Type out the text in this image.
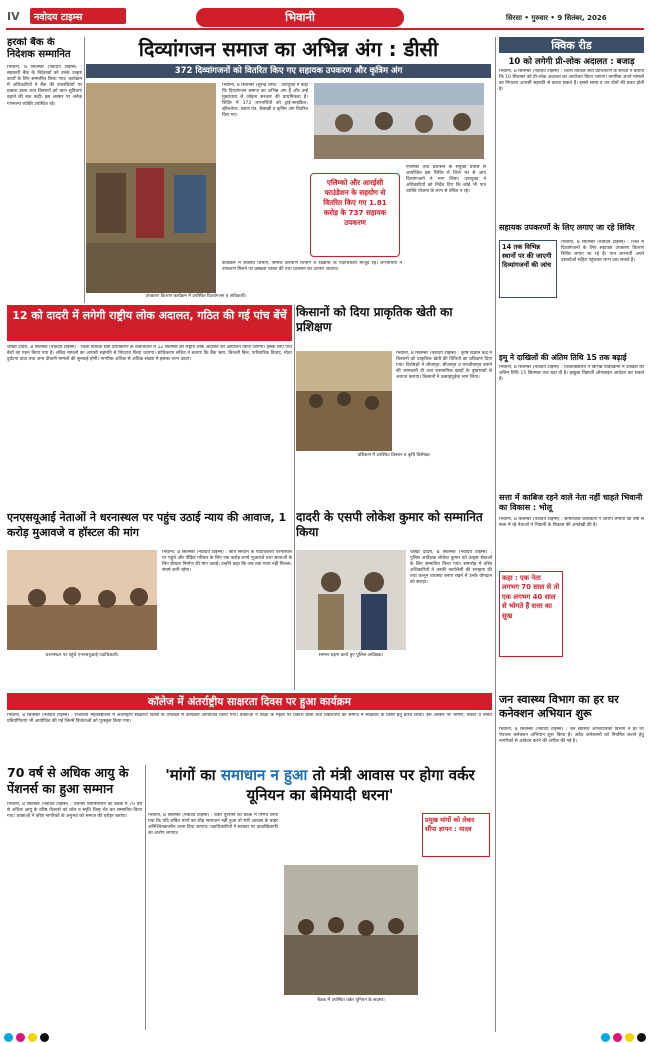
IV नवोदय टाइम्स	भिवानी	सिरसा • गुरुवार • 9 सितंबर, 2026
हरको बैंक के निदेशक सम्मानित
भिवानी, 8 सितम्बर (नवोदय टाइम्स) : सहकारी बैंक के निदेशकों को उनके उत्कृष्ट कार्यों के लिए सम्मानित किया गया। कार्यक्रम में अधिकारियों ने बैंक की उपलब्धियों पर प्रकाश डाला तथा किसानों को ऋण सुविधाएं बढ़ाने की बात कही। इस अवसर पर अनेक गणमान्य व्यक्ति उपस्थित रहे।
दिव्यांगजन समाज का अभिन्न अंग : डीसी
372 दिव्यांगजनों को वितरित किए गए सहायक उपकरण और कृत्रिम अंग
भिवानी, 8 सितम्बर (सुरेन्द्र शर्मा) : उपायुक्त ने कहा कि दिव्यांगजन समाज का अभिन्न अंग हैं और उन्हें मुख्यधारा से जोड़ना सरकार की प्राथमिकता है। शिविर में 372 लाभार्थियों को ट्राई-साइकिल, व्हीलचेयर, श्रवण यंत्र, बैसाखी व कृत्रिम अंग वितरित किए गए।
एलिम्को और आरईसी फाउंडेशन के सहयोग से वितरित किए गए 1.81 करोड़ के 737 सहायक उपकरण
एलिम्को तथा प्रशासन के संयुक्त प्रयास से आयोजित इस शिविर में जिले भर से आए दिव्यांगजनों ने भाग लिया। उपायुक्त ने अधिकारियों को निर्देश दिए कि कोई भी पात्र व्यक्ति योजना के लाभ से वंचित न रहे।
कार्यक्रम में स्वास्थ्य विभाग, समाज कल्याण विभाग व रेडक्रॉस के पदाधिकारी मौजूद रहे। लाभार्थियों ने उपकरण मिलने पर प्रसन्नता व्यक्त की तथा प्रशासन का आभार जताया।
उपकरण वितरण कार्यक्रम में उपस्थित दिव्यांगजन व अधिकारी।
12 को दादरी में लगेगी राष्ट्रीय लोक अदालत, गठित की गई पांच बेंचें
चरखी दादरी, 8 सितम्बर (नवोदय टाइम्स) : जिला विधिक सेवा प्राधिकरण के तत्वावधान में 12 सितम्बर को राष्ट्रीय लोक अदालत का आयोजन किया जाएगा। इसके लिए पांच बेंचों का गठन किया गया है। लंबित मामलों का आपसी सहमति से निपटारा किया जाएगा। प्राधिकरण सचिव ने बताया कि बैंक ऋण, बिजली बिल, पारिवारिक विवाद, मोटर दुर्घटना दावा तथा अन्य दीवानी मामलों की सुनवाई होगी। नागरिक अधिक से अधिक संख्या में इसका लाभ उठाएं।
किसानों को दिया प्राकृतिक खेती का प्रशिक्षण
प्रशिक्षण में उपस्थित किसान व कृषि विशेषज्ञ।
भिवानी, 8 सितम्बर (नवोदय टाइम्स) : कृषि विज्ञान केंद्र में किसानों को प्राकृतिक खेती की विधियों का प्रशिक्षण दिया गया। विशेषज्ञों ने जीवामृत, बीजामृत व घनजीवामृत बनाने की जानकारी दी तथा रासायनिक खादों के दुष्प्रभावों से अवगत कराया। किसानों ने उत्साहपूर्वक भाग लिया।
एनएसयूआई नेताओं ने धरनास्थल पर पहुंच उठाई न्याय की आवाज, 1 करोड़ मुआवजे व हॉस्टल की मांग
धरनास्थल पर पहुंचे एनएसयूआई पदाधिकारी।
भिवानी, 8 सितम्बर (नवोदय टाइम्स) : छात्र संगठन के पदाधिकारी धरनास्थल पर पहुंचे और पीड़ित परिवार के लिए एक करोड़ रुपये मुआवजे तथा छात्राओं के लिए हॉस्टल निर्माण की मांग उठाई। उन्होंने कहा कि जब तक न्याय नहीं मिलता, संघर्ष जारी रहेगा।
दादरी के एसपी लोकेश कुमार को सम्मानित किया
सम्मान ग्रहण करते हुए पुलिस अधीक्षक।
चरखी दादरी, 8 सितम्बर (नवोदय टाइम्स) : पुलिस अधीक्षक लोकेश कुमार को उत्कृष्ट सेवाओं के लिए सम्मानित किया गया। समारोह में वरिष्ठ अधिकारियों ने उनकी कार्यशैली की सराहना की तथा कानून व्यवस्था बनाए रखने में उनके योगदान को सराहा।
कॉलेज में अंतर्राष्ट्रीय साक्षरता दिवस पर हुआ कार्यक्रम
भिवानी, 8 सितम्बर (नवोदय टाइम्स) : राजकीय महाविद्यालय में अंतर्राष्ट्रीय साक्षरता दिवस के उपलक्ष्य में कार्यक्रम आयोजित किया गया। वक्ताओं ने शिक्षा के महत्व पर प्रकाश डाला तथा विद्यार्थियों को समाज में साक्षरता के प्रसार हेतु प्रेरित किया। इस अवसर पर भाषण, पोस्टर व निबंध प्रतियोगिताएं भी आयोजित की गईं जिनमें विजेताओं को पुरस्कृत किया गया।
70 वर्ष से अधिक आयु के पेंशनर्स का हुआ सम्मान
भिवानी, 8 सितम्बर (नवोदय टाइम्स) : पेंशनर्स एसोसिएशन की बैठक में 70 वर्ष से अधिक आयु के वरिष्ठ पेंशनर्स को शॉल व स्मृति चिन्ह भेंट कर सम्मानित किया गया। वक्ताओं ने वरिष्ठ नागरिकों के अनुभव को समाज की धरोहर बताया।
'मांगों का समाधान न हुआ तो मंत्री आवास पर होगा वर्कर यूनियन का बेमियादी धरना'
भिवानी, 8 सितम्बर (नवोदय टाइम्स) : वर्कर यूनियन की बैठक में निर्णय लिया गया कि यदि लंबित मांगों का शीघ्र समाधान नहीं हुआ तो मंत्री आवास के बाहर अनिश्चितकालीन धरना दिया जाएगा। पदाधिकारियों ने सरकार पर वादाखिलाफी का आरोप लगाया।
बैठक में उपस्थित वर्कर यूनियन के सदस्य।
प्रमुख मांगों को लेकर सौंपा ज्ञापन : यादव
क्विक रीड
10 को लगेगी प्री-लोक अदालत : बजाड़
भिवानी, 8 सितम्बर (नवोदय टाइम्स) : जिला विधिक सेवा प्राधिकरण के सचिव ने बताया कि 10 सितम्बर को प्री-लोक अदालत का आयोजन किया जाएगा। नागरिक अपने मामलों का निपटारा आपसी सहमति से करवा सकते हैं। इससे समय व धन दोनों की बचत होती है।
सहायक उपकरणों के लिए लगाए जा रहे शिविर
14 तक विभिन्न स्थानों पर की जाएगी दिव्यांगजनों की जांच
भिवानी, 8 सितम्बर (नवोदय टाइम्स) : जिले में दिव्यांगजनों के लिए सहायक उपकरण वितरण शिविर लगाए जा रहे हैं। पात्र लाभार्थी अपने दस्तावेजों सहित पहुंचकर लाभ उठा सकते हैं।
इमू ने दाखिलों की अंतिम तिथि 15 तक बढ़ाई
भिवानी, 8 सितम्बर (नवोदय टाइम्स) : विश्वविद्यालय ने विभिन्न पाठ्यक्रमों में दाखिले की अंतिम तिथि 15 सितम्बर तक बढ़ा दी है। इच्छुक विद्यार्थी ऑनलाइन आवेदन कर सकते हैं।
सत्ता में काबिज रहने वाले नेता नहीं चाहते भिवानी का विकास : भोलू
भिवानी, 8 सितम्बर (नवोदय टाइम्स) : सामाजिक कार्यकर्ता ने आरोप लगाया कि वर्षों से सत्ता में रहे नेताओं ने भिवानी के विकास की अनदेखी की है।
कहा : एक नेता लगभग 70 साल से तो एक लगभग 40 साल से भोगते हैं सत्ता का सुख
जन स्वास्थ्य विभाग का हर घर कनेक्शन अभियान शुरू
भिवानी, 8 सितम्बर (नवोदय टाइम्स) : जन स्वास्थ्य अभियांत्रिकी विभाग ने हर घर पेयजल कनेक्शन अभियान शुरू किया है। अवैध कनेक्शनों को नियमित कराने हेतु नागरिकों से आवेदन करने की अपील की गई है।
